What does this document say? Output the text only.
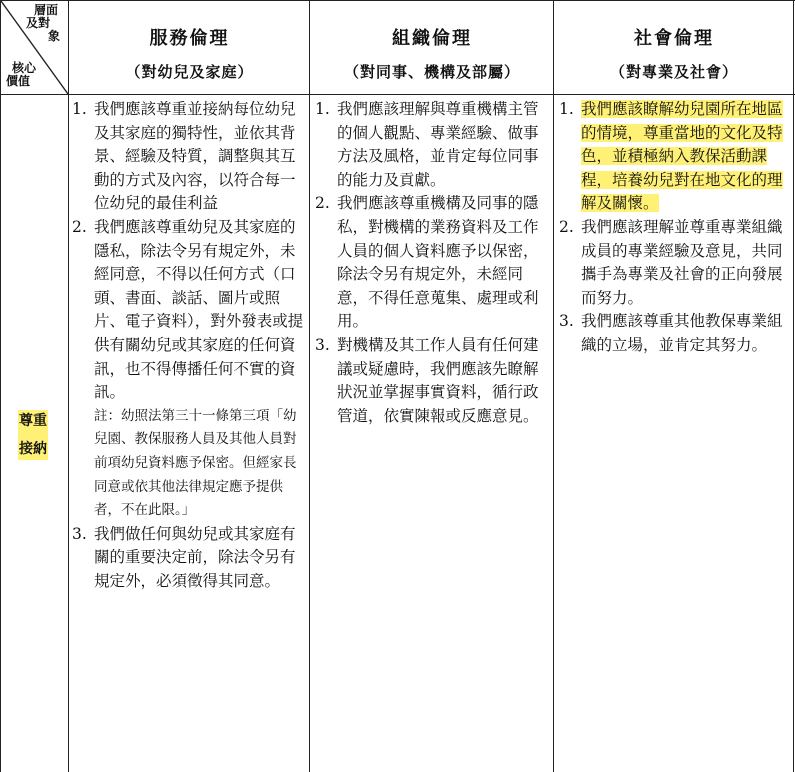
層面
及對
象
核心
價值
服務倫理
（對幼兒及家庭）
組織倫理
（對同事、機構及部屬）
社會倫理
（對專業及社會）
尊重
接納
1. 我們應該尊重並接納每位幼兒及其家庭的獨特性，並依其背景、經驗及特質，調整與其互動的方式及內容，以符合每一位幼兒的最佳利益
2. 我們應該尊重幼兒及其家庭的隱私，除法令另有規定外，未經同意，不得以任何方式（口頭、書面、談話、圖片或照片、電子資料），對外發表或提供有關幼兒或其家庭的任何資訊，也不得傳播任何不實的資訊。
註：幼照法第三十一條第三項「幼兒園、教保服務人員及其他人員對前項幼兒資料應予保密。但經家長同意或依其他法律規定應予提供者，不在此限。」
3. 我們做任何與幼兒或其家庭有關的重要決定前，除法令另有規定外，必須徵得其同意。
1. 我們應該理解與尊重機構主管的個人觀點、專業經驗、做事方法及風格，並肯定每位同事的能力及貢獻。
2. 我們應該尊重機構及同事的隱私，對機構的業務資料及工作人員的個人資料應予以保密，除法令另有規定外，未經同意，不得任意蒐集、處理或利用。
3. 對機構及其工作人員有任何建議或疑慮時，我們應該先瞭解狀況並掌握事實資料，循行政管道，依實陳報或反應意見。
1. 我們應該瞭解幼兒園所在地區的情境，尊重當地的文化及特色，並積極納入教保活動課程，培養幼兒對在地文化的理解及關懷。
2. 我們應該理解並尊重專業組織成員的專業經驗及意見，共同攜手為專業及社會的正向發展而努力。
3. 我們應該尊重其他教保專業組織的立場，並肯定其努力。
